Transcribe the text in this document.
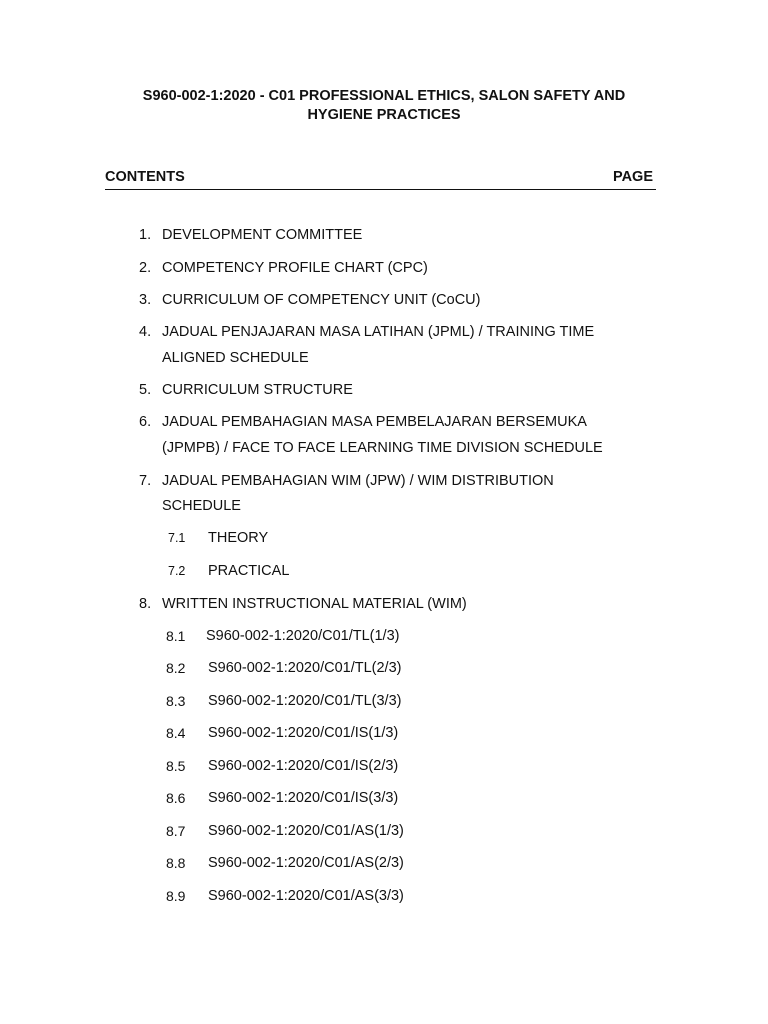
S960-002-1:2020 - C01 PROFESSIONAL ETHICS, SALON SAFETY AND
HYGIENE PRACTICES
CONTENTS	PAGE
1. DEVELOPMENT COMMITTEE
2. COMPETENCY PROFILE CHART (CPC)
3. CURRICULUM OF COMPETENCY UNIT (CoCU)
4. JADUAL PENJAJARAN MASA LATIHAN (JPML) / TRAINING TIME
ALIGNED SCHEDULE
5. CURRICULUM STRUCTURE
6. JADUAL PEMBAHAGIAN MASA PEMBELAJARAN BERSEMUKA
(JPMPB) / FACE TO FACE LEARNING TIME DIVISION SCHEDULE
7. JADUAL PEMBAHAGIAN WIM (JPW) / WIM DISTRIBUTION
SCHEDULE
7.1 THEORY
7.2 PRACTICAL
8. WRITTEN INSTRUCTIONAL MATERIAL (WIM)
8.1 S960-002-1:2020/C01/TL(1/3)
8.2 S960-002-1:2020/C01/TL(2/3)
8.3 S960-002-1:2020/C01/TL(3/3)
8.4 S960-002-1:2020/C01/IS(1/3)
8.5 S960-002-1:2020/C01/IS(2/3)
8.6 S960-002-1:2020/C01/IS(3/3)
8.7 S960-002-1:2020/C01/AS(1/3)
8.8 S960-002-1:2020/C01/AS(2/3)
8.9 S960-002-1:2020/C01/AS(3/3)
